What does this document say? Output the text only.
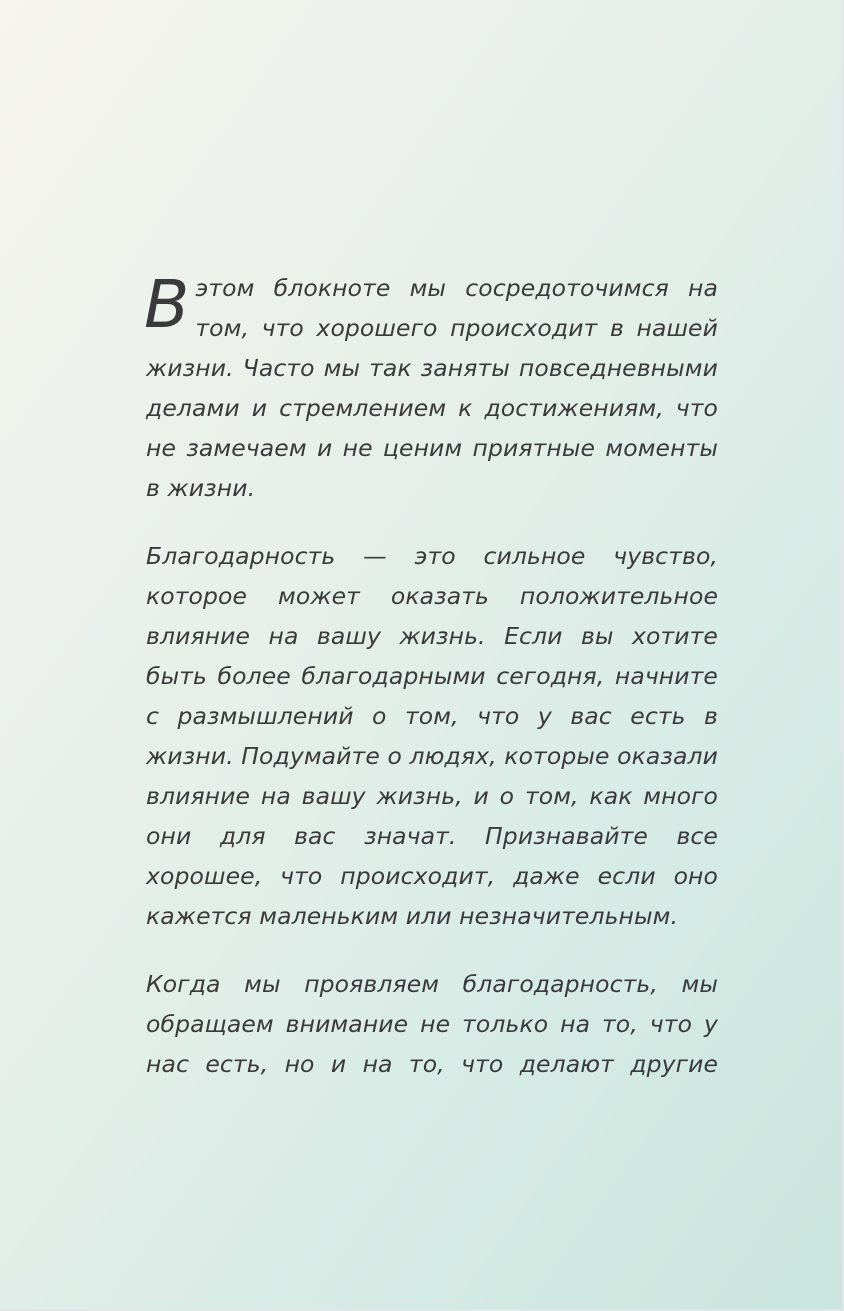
Вэтом блокноте мы сосредоточимся на том, что хорошего происходит в нашей жизни. Часто мы так заняты повседневными делами и стремлением к достижениям, что не замечаем и не ценим приятные моменты в жизни.

Благодарность — это сильное чувство, которое может оказать положительное влияние на вашу жизнь. Если вы хотите быть более благодарными сегодня, начните с размышлений о том, что у вас есть в жизни. Подумайте о людях, которые оказали влияние на вашу жизнь, и о том, как много они для вас значат. Признавайте все хорошее, что происходит, даже если оно кажется маленьким или незначительным.

Когда мы проявляем благодарность, мы обращаем внимание не только на то, что у нас есть, но и на то, что делают другие
